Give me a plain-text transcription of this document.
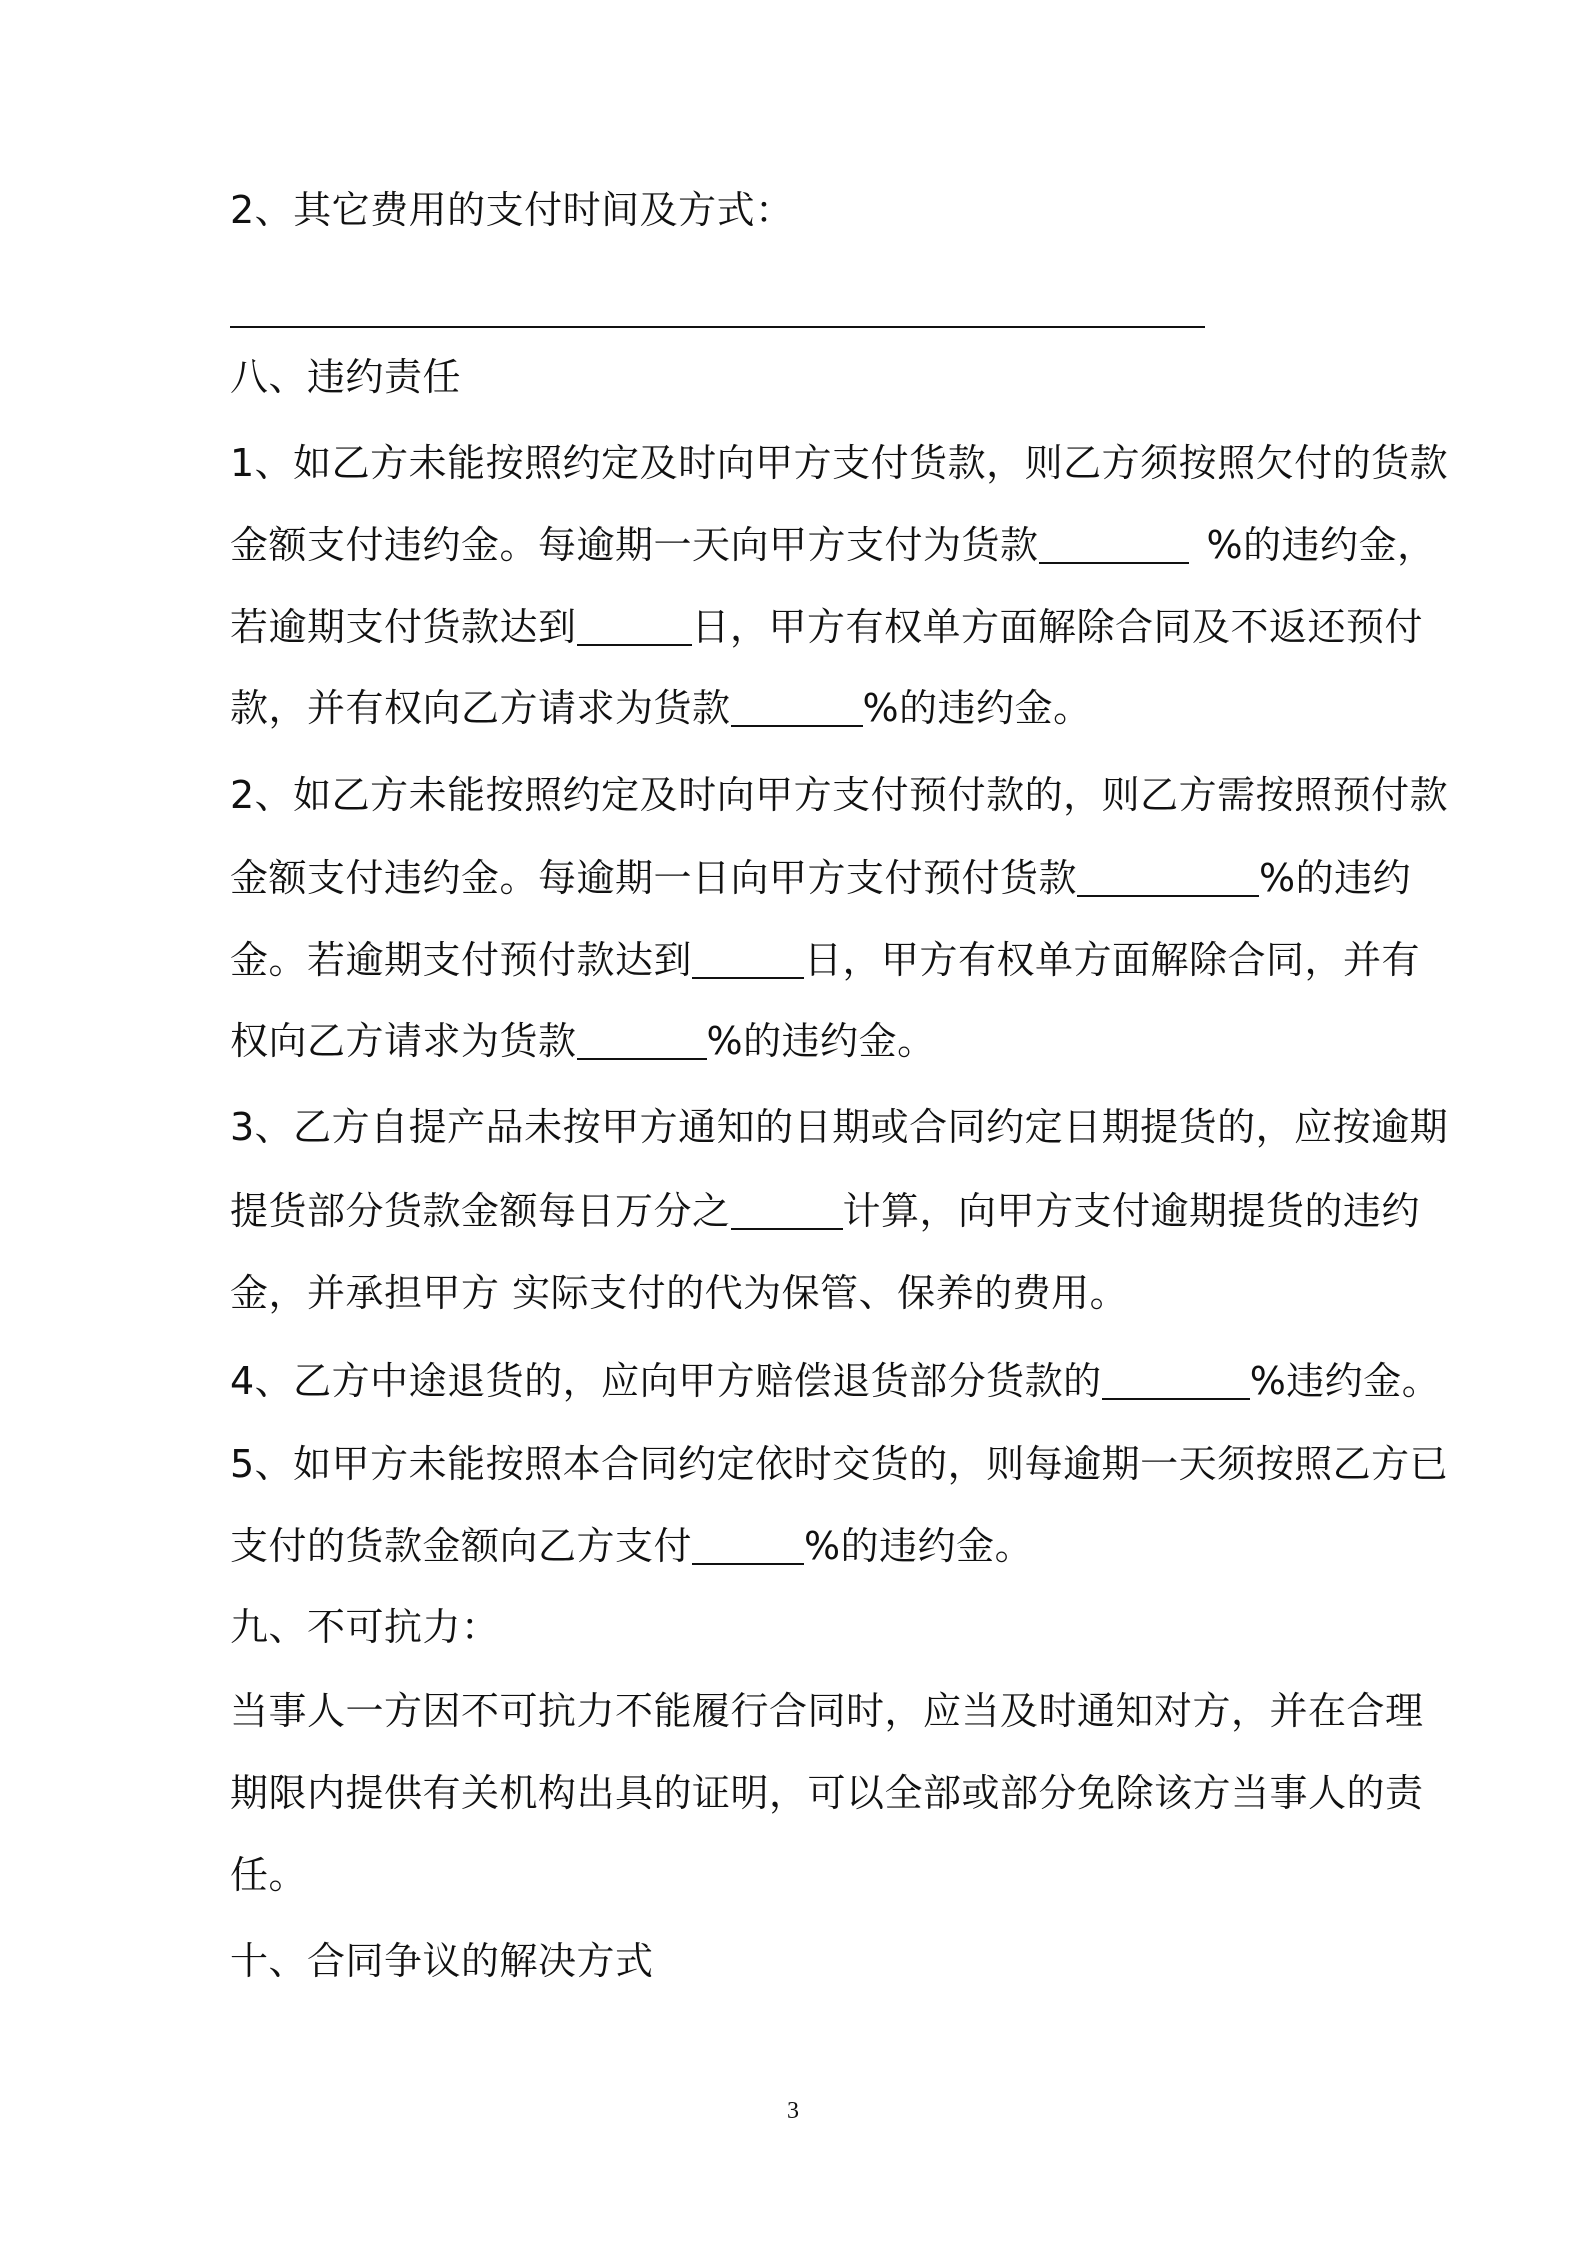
2、其它费用的支付时间及方式：
八、违约责任
1、如乙方未能按照约定及时向甲方支付货款，则乙方须按照欠付的货款
金额支付违约金。每逾期一天向甲方支付为货款	%的违约金，
若逾期支付货款达到	日，甲方有权单方面解除合同及不返还预付
款，并有权向乙方请求为货款	%的违约金。
2、如乙方未能按照约定及时向甲方支付预付款的，则乙方需按照预付款
金额支付违约金。每逾期一日向甲方支付预付货款	%的违约
金。若逾期支付预付款达到	日，甲方有权单方面解除合同，并有
权向乙方请求为货款	%的违约金。
3、乙方自提产品未按甲方通知的日期或合同约定日期提货的，应按逾期
提货部分货款金额每日万分之	计算，向甲方支付逾期提货的违约
金，并承担甲方 实际支付的代为保管、保养的费用。
4、乙方中途退货的，应向甲方赔偿退货部分货款的	%违约金。
5、如甲方未能按照本合同约定依时交货的，则每逾期一天须按照乙方已
支付的货款金额向乙方支付	%的违约金。
九、不可抗力：
当事人一方因不可抗力不能履行合同时，应当及时通知对方，并在合理
期限内提供有关机构出具的证明，可以全部或部分免除该方当事人的责
任。
十、合同争议的解决方式
3
